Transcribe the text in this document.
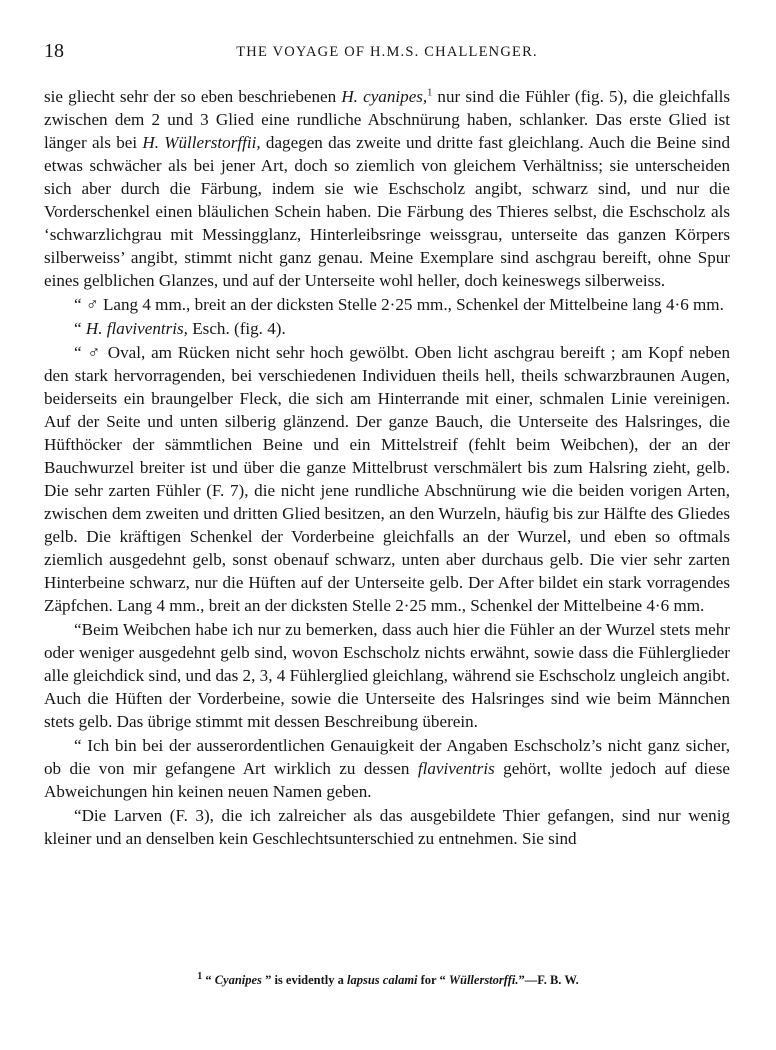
18	THE VOYAGE OF H.M.S. CHALLENGER.

sie gliecht sehr der so eben beschriebenen H. cyanipes,$^1$ nur sind die Fühler (fig. 5), die gleichfalls zwischen dem 2 und 3 Glied eine rundliche Abschnürung haben, schlanker. Das erste Glied ist länger als bei H. Wüllerstorffii, dagegen das zweite und dritte fast gleichlang. Auch die Beine sind etwas schwächer als bei jener Art, doch so ziemlich von gleichem Verhältniss; sie unterscheiden sich aber durch die Färbung, indem sie wie Eschscholz angibt, schwarz sind, und nur die Vorderschenkel einen bläulichen Schein haben. Die Färbung des Thieres selbst, die Eschscholz als ‘schwarzlichgrau mit Messingglanz, Hinterleibsringe weissgrau, unterseite das ganzen Körpers silberweiss’ angibt, stimmt nicht ganz genau. Meine Exemplare sind aschgrau bereift, ohne Spur eines gelblichen Glanzes, und auf der Unterseite wohl heller, doch keineswegs silberweiss.

“ ♂ Lang 4 mm., breit an der dicksten Stelle 2·25 mm., Schenkel der Mittelbeine lang 4·6 mm.

“ H. flaviventris, Esch. (fig. 4).

“ ♂ Oval, am Rücken nicht sehr hoch gewölbt. Oben licht aschgrau bereift ; am Kopf neben den stark hervorragenden, bei verschiedenen Individuen theils hell, theils schwarzbraunen Augen, beiderseits ein braungelber Fleck, die sich am Hinterrande mit einer, schmalen Linie vereinigen. Auf der Seite und unten silberig glänzend. Der ganze Bauch, die Unterseite des Halsringes, die Hüfthöcker der sämmtlichen Beine und ein Mittelstreif (fehlt beim Weibchen), der an der Bauchwurzel breiter ist und über die ganze Mittelbrust verschmälert bis zum Halsring zieht, gelb. Die sehr zarten Fühler (F. 7), die nicht jene rundliche Abschnürung wie die beiden vorigen Arten, zwischen dem zweiten und dritten Glied besitzen, an den Wurzeln, häufig bis zur Hälfte des Gliedes gelb. Die kräftigen Schenkel der Vorderbeine gleichfalls an der Wurzel, und eben so oftmals ziemlich ausgedehnt gelb, sonst obenauf schwarz, unten aber durchaus gelb. Die vier sehr zarten Hinterbeine schwarz, nur die Hüften auf der Unterseite gelb. Der After bildet ein stark vorragendes Zäpfchen. Lang 4 mm., breit an der dicksten Stelle 2·25 mm., Schenkel der Mittelbeine 4·6 mm.

“Beim Weibchen habe ich nur zu bemerken, dass auch hier die Fühler an der Wurzel stets mehr oder weniger ausgedehnt gelb sind, wovon Eschscholz nichts erwähnt, sowie dass die Fühlerglieder alle gleichdick sind, und das 2, 3, 4 Fühlerglied gleichlang, während sie Eschscholz ungleich angibt. Auch die Hüften der Vorderbeine, sowie die Unterseite des Halsringes sind wie beim Männchen stets gelb. Das übrige stimmt mit dessen Beschreibung überein.

“ Ich bin bei der ausserordentlichen Genauigkeit der Angaben Eschscholz’s nicht ganz sicher, ob die von mir gefangene Art wirklich zu dessen flaviventris gehört, wollte jedoch auf diese Abweichungen hin keinen neuen Namen geben.

“Die Larven (F. 3), die ich zalreicher als das ausgebildete Thier gefangen, sind nur wenig kleiner und an denselben kein Geschlechtsunterschied zu entnehmen. Sie sind

$^1$ “ Cyanipes ” is evidently a lapsus calami for “ Wüllerstorffi.”—F. B. W.
